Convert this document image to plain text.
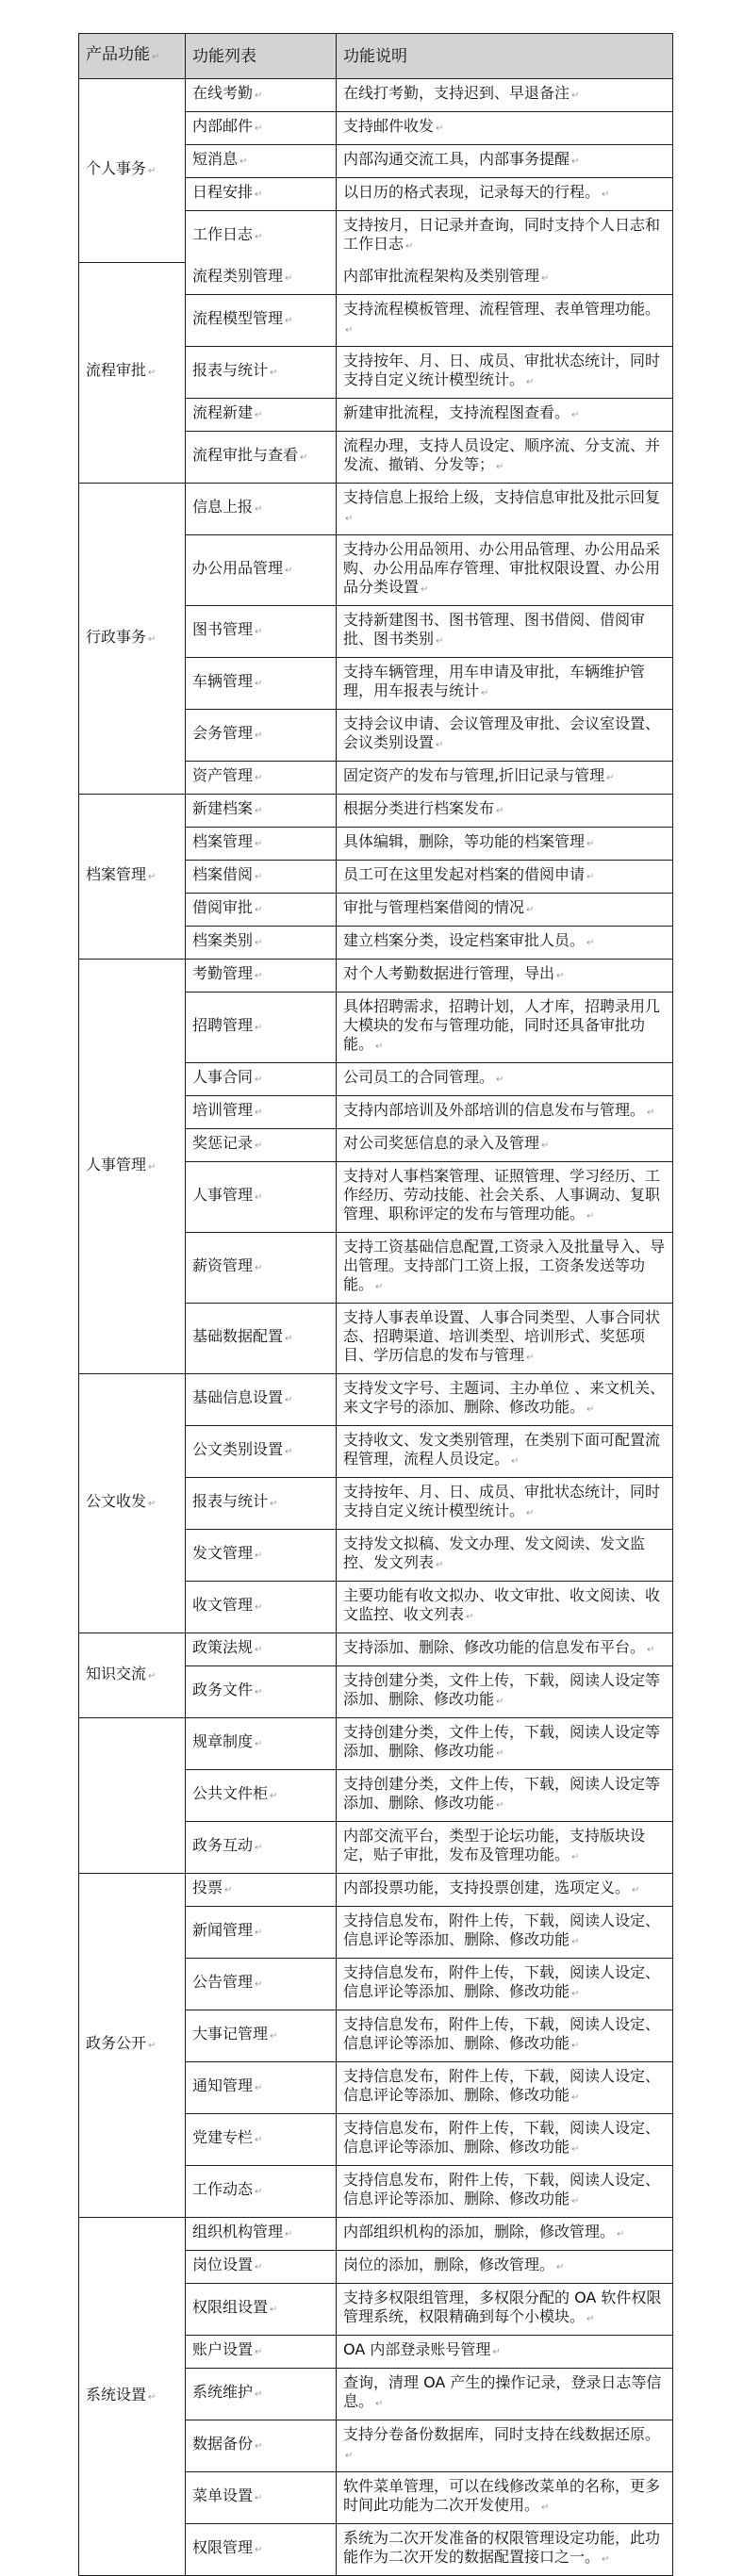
产品功能 ↵	功能列表	功能说明
个人事务 ↵	在线考勤 ↵	在线打考勤，支持迟到、早退备注 ↵
	内部邮件 ↵	支持邮件收发 ↵
	短消息 ↵	内部沟通交流工具，内部事务提醒 ↵
	日程安排 ↵	以日历的格式表现，记录每天的行程。 ↵
	工作日志 ↵	支持按月，日记录并查询，同时支持个人日志和工作日志 ↵
流程审批 ↵	流程类别管理 ↵	内部审批流程架构及类别管理 ↵
	流程模型管理 ↵	支持流程模板管理、流程管理、表单管理功能。 ↵
	报表与统计 ↵	支持按年、月、日、成员、审批状态统计，同时支持自定义统计模型统计。 ↵
	流程新建 ↵	新建审批流程，支持流程图查看。 ↵
	流程审批与查看 ↵	流程办理，支持人员设定、顺序流、分支流、并发流、撤销、分发等； ↵
行政事务 ↵	信息上报 ↵	支持信息上报给上级，支持信息审批及批示回复 ↵
	办公用品管理 ↵	支持办公用品领用、办公用品管理、办公用品采购、办公用品库存管理、审批权限设置、办公用品分类设置 ↵
	图书管理 ↵	支持新建图书、图书管理、图书借阅、借阅审批、图书类别 ↵
	车辆管理 ↵	支持车辆管理，用车申请及审批，车辆维护管理，用车报表与统计 ↵
	会务管理 ↵	支持会议申请、会议管理及审批、会议室设置、会议类别设置 ↵
	资产管理 ↵	固定资产的发布与管理,折旧记录与管理 ↵
档案管理 ↵	新建档案 ↵	根据分类进行档案发布 ↵
	档案管理 ↵	具体编辑，删除，等功能的档案管理 ↵
	档案借阅 ↵	员工可在这里发起对档案的借阅申请 ↵
	借阅审批 ↵	审批与管理档案借阅的情况 ↵
	档案类别 ↵	建立档案分类，设定档案审批人员。 ↵
人事管理 ↵	考勤管理 ↵	对个人考勤数据进行管理，导出 ↵
	招聘管理 ↵	具体招聘需求，招聘计划，人才库，招聘录用几大模块的发布与管理功能，同时还具备审批功能。 ↵
	人事合同 ↵	公司员工的合同管理。 ↵
	培训管理 ↵	支持内部培训及外部培训的信息发布与管理。 ↵
	奖惩记录 ↵	对公司奖惩信息的录入及管理 ↵
	人事管理 ↵	支持对人事档案管理、证照管理、学习经历、工作经历、劳动技能、社会关系、人事调动、复职管理、职称评定的发布与管理功能。 ↵
	薪资管理 ↵	支持工资基础信息配置,工资录入及批量导入、导出管理。支持部门工资上报，工资条发送等功能。 ↵
	基础数据配置 ↵	支持人事表单设置、人事合同类型、人事合同状态、招聘渠道、培训类型、培训形式、奖惩项目、学历信息的发布与管理 ↵
公文收发 ↵	基础信息设置 ↵	支持发文字号、主题词、主办单位 、来文机关、来文字号的添加、删除、修改功能。 ↵
	公文类别设置 ↵	支持收文、发文类别管理，在类别下面可配置流程管理，流程人员设定。 ↵
	报表与统计 ↵	支持按年、月、日、成员、审批状态统计，同时支持自定义统计模型统计。 ↵
	发文管理 ↵	支持发文拟稿、发文办理、发文阅读、发文监控、发文列表 ↵
	收文管理 ↵	主要功能有收文拟办、收文审批、收文阅读、收文监控、收文列表 ↵
知识交流 ↵	政策法规 ↵	支持添加、删除、修改功能的信息发布平台。 ↵
	政务文件 ↵	支持创建分类，文件上传，下载，阅读人设定等添加、删除、修改功能 ↵
	规章制度 ↵	支持创建分类，文件上传，下载，阅读人设定等添加、删除、修改功能 ↵
	公共文件柜 ↵	支持创建分类，文件上传，下载，阅读人设定等添加、删除、修改功能 ↵
	政务互动 ↵	内部交流平台，类型于论坛功能，支持版块设定，贴子审批，发布及管理功能。 ↵
政务公开 ↵	投票 ↵	内部投票功能，支持投票创建，选项定义。 ↵
	新闻管理 ↵	支持信息发布，附件上传，下载，阅读人设定、信息评论等添加、删除、修改功能 ↵
	公告管理 ↵	支持信息发布，附件上传，下载，阅读人设定、信息评论等添加、删除、修改功能 ↵
	大事记管理 ↵	支持信息发布，附件上传，下载，阅读人设定、信息评论等添加、删除、修改功能 ↵
	通知管理 ↵	支持信息发布，附件上传，下载，阅读人设定、信息评论等添加、删除、修改功能 ↵
	党建专栏 ↵	支持信息发布，附件上传，下载，阅读人设定、信息评论等添加、删除、修改功能 ↵
	工作动态 ↵	支持信息发布，附件上传，下载，阅读人设定、信息评论等添加、删除、修改功能 ↵
系统设置 ↵	组织机构管理 ↵	内部组织机构的添加，删除，修改管理。 ↵
	岗位设置 ↵	岗位的添加，删除，修改管理。 ↵
	权限组设置 ↵	支持多权限组管理，多权限分配的 OA 软件权限管理系统，权限精确到每个小模块。 ↵
	账户设置 ↵	OA 内部登录账号管理 ↵
	系统维护 ↵	查询，清理 OA 产生的操作记录，登录日志等信息。 ↵
	数据备份 ↵	支持分卷备份数据库，同时支持在线数据还原。 ↵
	菜单设置 ↵	软件菜单管理，可以在线修改菜单的名称，更多时间此功能为二次开发使用。 ↵
	权限管理 ↵	系统为二次开发准备的权限管理设定功能，此功能作为二次开发的数据配置接口之一。 ↵
